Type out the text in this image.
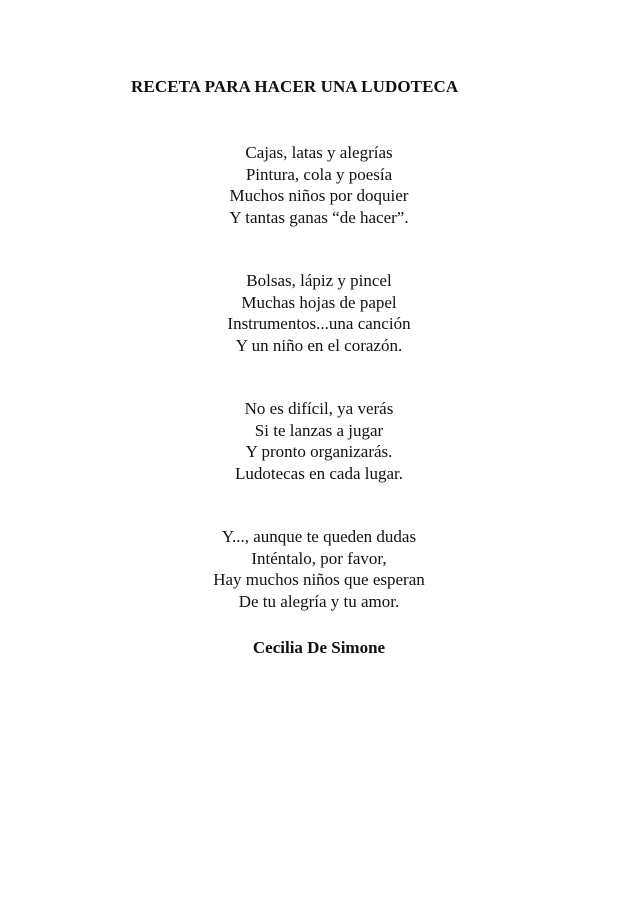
RECETA PARA HACER UNA LUDOTECA
Cajas, latas y alegrías
Pintura, cola y poesía
Muchos niños por doquier
Y tantas ganas “de hacer”.
Bolsas, lápiz y pincel
Muchas hojas de papel
Instrumentos...una canción
Y un niño en el corazón.
No es difícil, ya verás
Si te lanzas a jugar
Y pronto organizarás.
Ludotecas en cada lugar.
Y..., aunque te queden dudas
Inténtalo, por favor,
Hay muchos niños que esperan
De tu alegría y tu amor.
Cecilia De Simone
